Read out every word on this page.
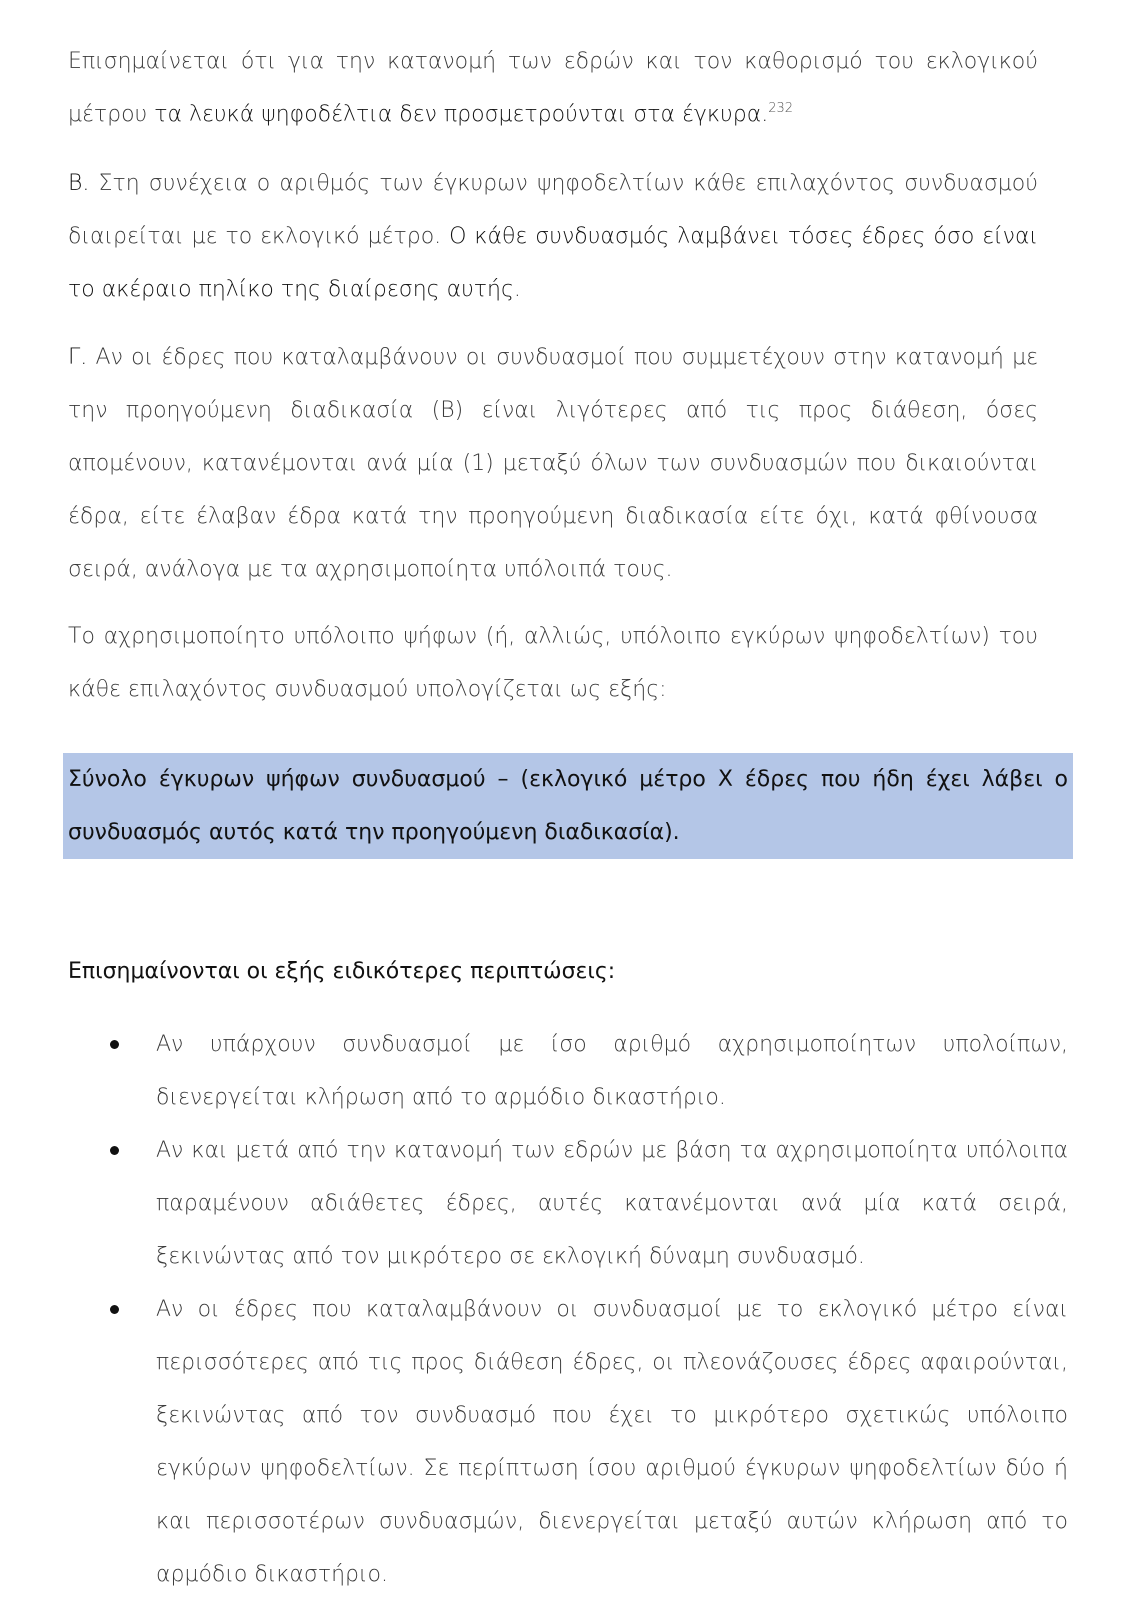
Επισημαίνεται ότι για την κατανομή των εδρών και τον καθορισμό του εκλογικού μέτρου τα λευκά ψηφοδέλτια δεν προσμετρούνται στα έγκυρα.$^{232}$

Β. Στη συνέχεια ο αριθμός των έγκυρων ψηφοδελτίων κάθε επιλαχόντος συνδυασμού διαιρείται με το εκλογικό μέτρο. Ο κάθε συνδυασμός λαμβάνει τόσες έδρες όσο είναι το ακέραιο πηλίκο της διαίρεσης αυτής.

Γ. Αν οι έδρες που καταλαμβάνουν οι συνδυασμοί που συμμετέχουν στην κατανομή με την προηγούμενη διαδικασία (Β) είναι λιγότερες από τις προς διάθεση, όσες απομένουν, κατανέμονται ανά μία (1) μεταξύ όλων των συνδυασμών που δικαιούνται έδρα, είτε έλαβαν έδρα κατά την προηγούμενη διαδικασία είτε όχι, κατά φθίνουσα σειρά, ανάλογα με τα αχρησιμοποίητα υπόλοιπά τους.

Το αχρησιμοποίητο υπόλοιπο ψήφων (ή, αλλιώς, υπόλοιπο εγκύρων ψηφοδελτίων) του κάθε επιλαχόντος συνδυασμού υπολογίζεται ως εξής:

Σύνολο έγκυρων ψήφων συνδυασμού – (εκλογικό μέτρο Χ έδρες που ήδη έχει λάβει ο συνδυασμός αυτός κατά την προηγούμενη διαδικασία).

Επισημαίνονται οι εξής ειδικότερες περιπτώσεις:

Αν υπάρχουν συνδυασμοί με ίσο αριθμό αχρησιμοποίητων υπολοίπων, διενεργείται κλήρωση από το αρμόδιο δικαστήριο.
Αν και μετά από την κατανομή των εδρών με βάση τα αχρησιμοποίητα υπόλοιπα παραμένουν αδιάθετες έδρες, αυτές κατανέμονται ανά μία κατά σειρά, ξεκινώντας από τον μικρότερο σε εκλογική δύναμη συνδυασμό.
Αν οι έδρες που καταλαμβάνουν οι συνδυασμοί με το εκλογικό μέτρο είναι περισσότερες από τις προς διάθεση έδρες, οι πλεονάζουσες έδρες αφαιρούνται, ξεκινώντας από τον συνδυασμό που έχει το μικρότερο σχετικώς υπόλοιπο εγκύρων ψηφοδελτίων. Σε περίπτωση ίσου αριθμού έγκυρων ψηφοδελτίων δύο ή και περισσοτέρων συνδυασμών, διενεργείται μεταξύ αυτών κλήρωση από το αρμόδιο δικαστήριο.
